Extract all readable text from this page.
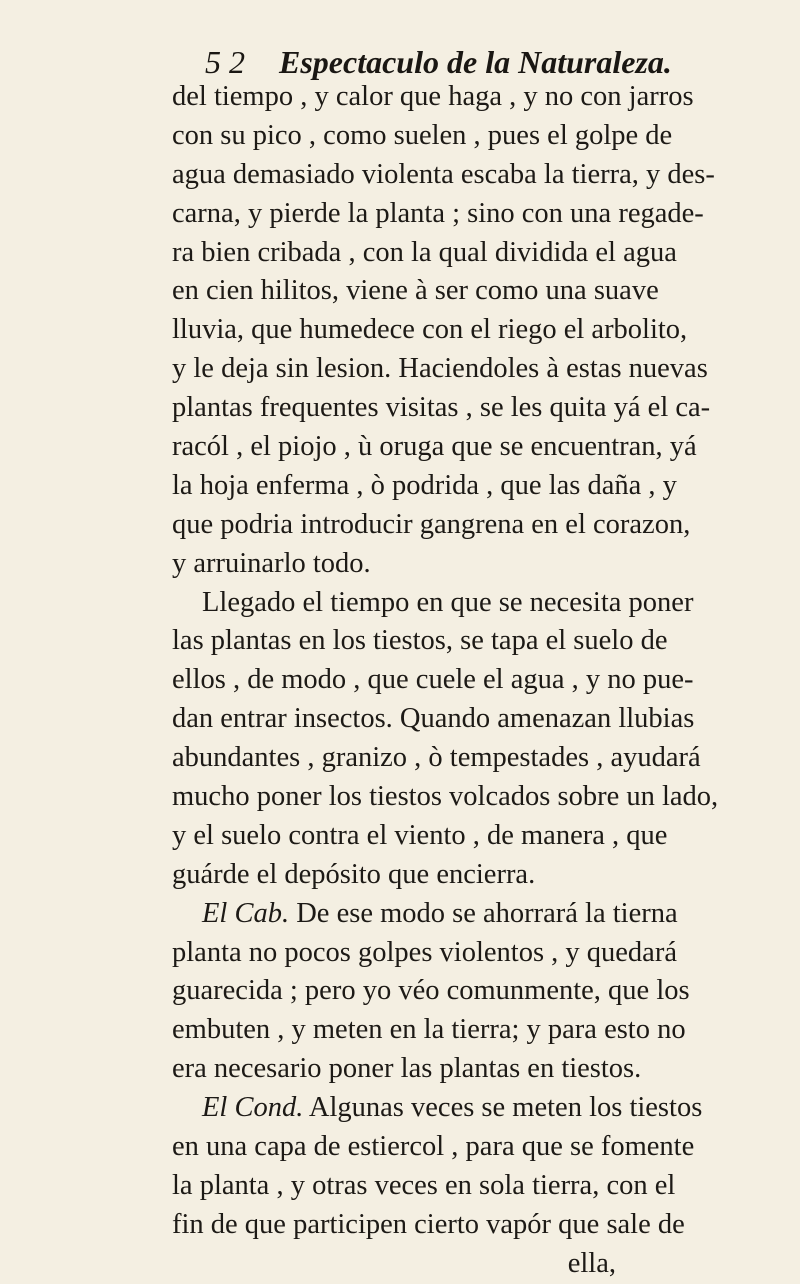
5 2 Espectaculo de la Naturaleza.
del tiempo , y calor que haga , y no con jarros
con su pico , como suelen , pues el golpe de
agua demasiado violenta escaba la tierra, y des-
carna, y pierde la planta ; sino con una regade-
ra bien cribada , con la qual dividida el agua
en cien hilitos, viene à ser como una suave
lluvia, que humedece con el riego el arbolito,
y le deja sin lesion. Haciendoles à estas nuevas
plantas frequentes visitas , se les quita yá el ca-
racól , el piojo , ù oruga que se encuentran, yá
la hoja enferma , ò podrida , que las daña , y
que podria introducir gangrena en el corazon,
y arruinarlo todo.
Llegado el tiempo en que se necesita poner
las plantas en los tiestos, se tapa el suelo de
ellos , de modo , que cuele el agua , y no pue-
dan entrar insectos. Quando amenazan llubias
abundantes , granizo , ò tempestades , ayudará
mucho poner los tiestos volcados sobre un lado,
y el suelo contra el viento , de manera , que
guárde el depósito que encierra.
El Cab. De ese modo se ahorrará la tierna
planta no pocos golpes violentos , y quedará
guarecida ; pero yo véo comunmente, que los
embuten , y meten en la tierra; y para esto no
era necesario poner las plantas en tiestos.
El Cond. Algunas veces se meten los tiestos
en una capa de estiercol , para que se fomente
la planta , y otras veces en sola tierra, con el
fin de que participen cierto vapór que sale de
ella,
